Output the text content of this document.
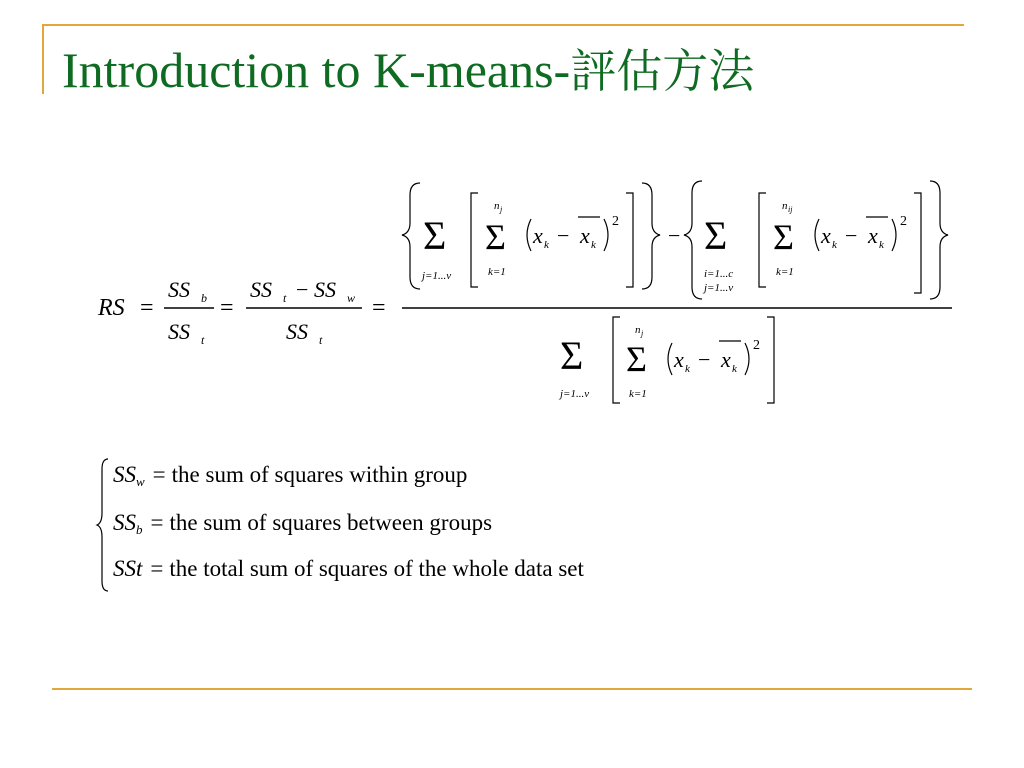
Introduction to K-means-評估方法
RS =
SS b
SS t
=
SS t − SS w
SS t
=
Σ
j=1...v
Σ
n j
k=1
x k − x k
2
− Σ
i=1...c
j=1...v
Σ
n ij
k=1
x k − x k
2
Σ
j=1...v
Σ
n j
k=1
x k − x k
2
$SS_w$ = the sum of squares within group
$SS_b$ = the sum of squares between groups
SSt = the total sum of squares of the whole data set
